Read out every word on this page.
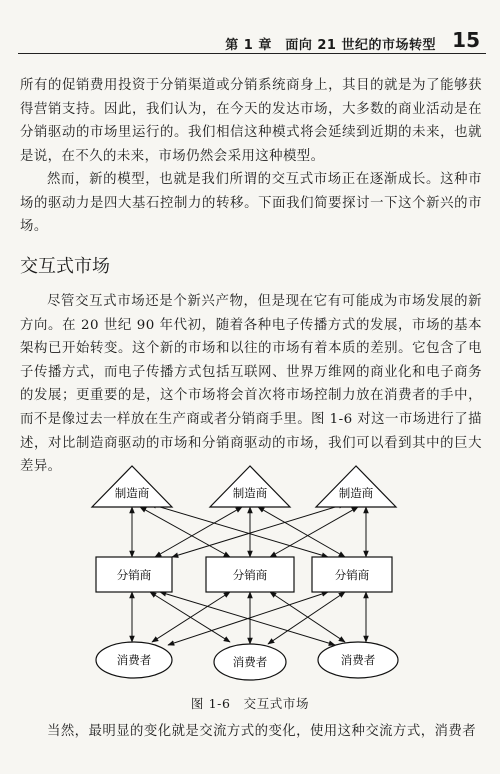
第 1 章　面向 21 世纪的市场转型 15

所有的促销费用投资于分销渠道或分销系统商身上，其目的就是为了能够获得营销支持。因此，我们认为，在今天的发达市场，大多数的商业活动是在分销驱动的市场里运行的。我们相信这种模式将会延续到近期的未来，也就是说，在不久的未来，市场仍然会采用这种模型。

然而，新的模型，也就是我们所谓的交互式市场正在逐渐成长。这种市场的驱动力是四大基石控制力的转移。下面我们简要探讨一下这个新兴的市场。

交互式市场

尽管交互式市场还是个新兴产物，但是现在它有可能成为市场发展的新方向。在 20 世纪 90 年代初，随着各种电子传播方式的发展，市场的基本架构已开始转变。这个新的市场和以往的市场有着本质的差别。它包含了电子传播方式，而电子传播方式包括互联网、世界万维网的商业化和电子商务的发展；更重要的是，这个市场将会首次将市场控制力放在消费者的手中，而不是像过去一样放在生产商或者分销商手里。图 1-6 对这一市场进行了描述，对比制造商驱动的市场和分销商驱动的市场，我们可以看到其中的巨大差异。

制造商	制造商	制造商
分销商	分销商	分销商
消费者	消费者	消费者

图 1-6　交互式市场

当然，最明显的变化就是交流方式的变化，使用这种交流方式，消费者
